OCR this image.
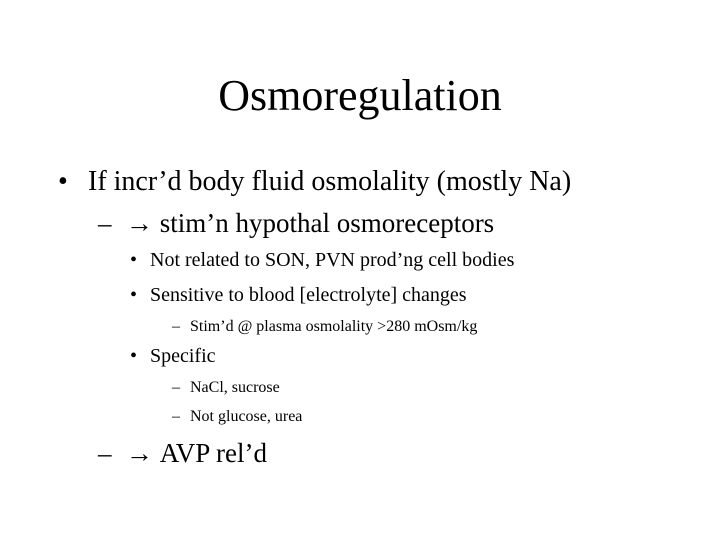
Osmoregulation
• If incr’d body fluid osmolality (mostly Na)
– → stim’n hypothal osmoreceptors
• Not related to SON, PVN prod’ng cell bodies
• Sensitive to blood [electrolyte] changes
– Stim’d @ plasma osmolality >280 mOsm/kg
• Specific
– NaCl, sucrose
– Not glucose, urea
– → AVP rel’d
